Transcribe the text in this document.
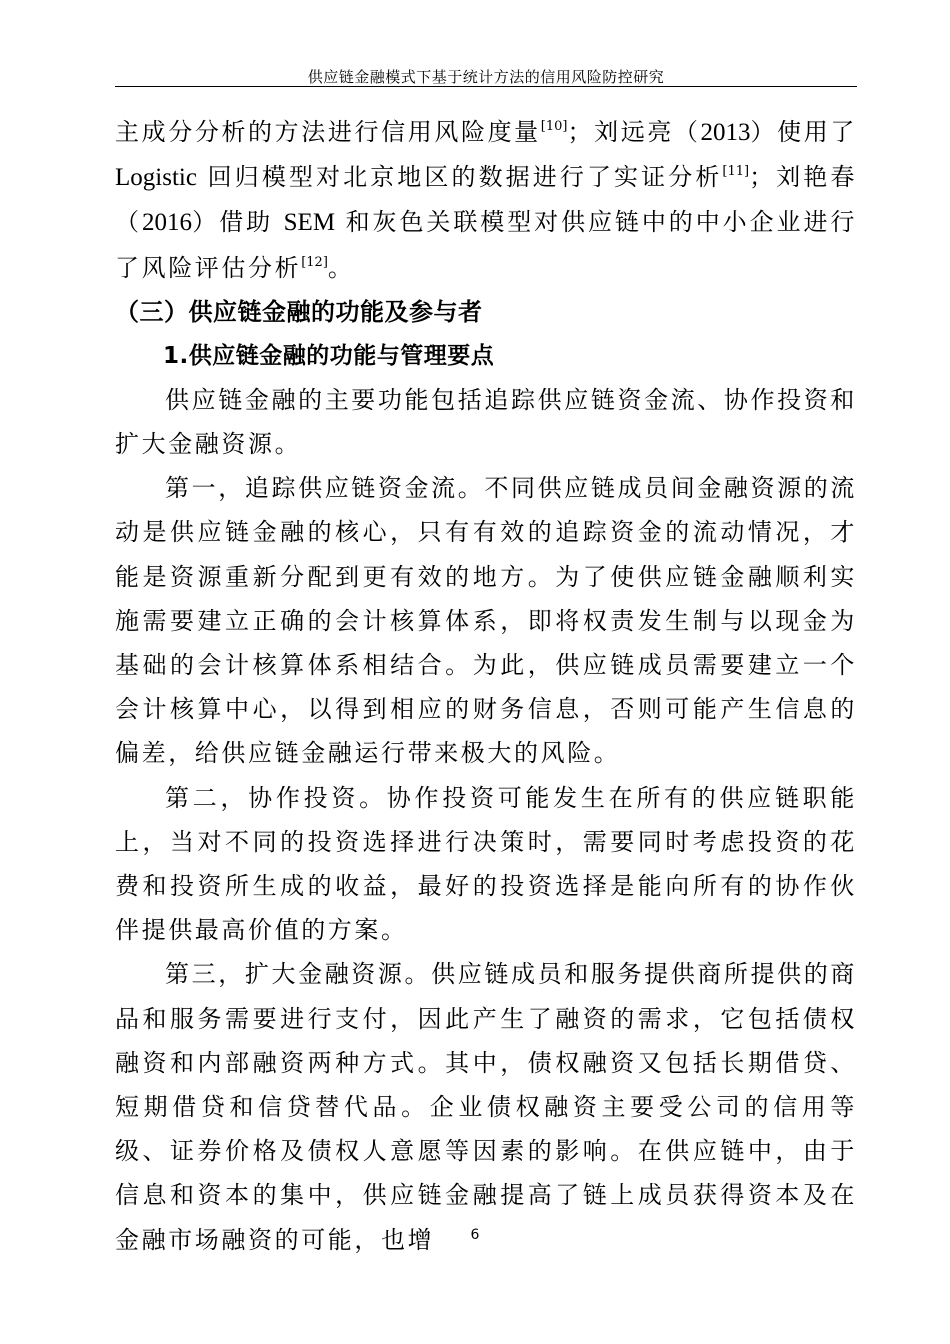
供应链金融模式下基于统计方法的信用风险防控研究

主成分分析的方法进行信用风险度量[10]；刘远亮（2013）使用了Logistic 回归模型对北京地区的数据进行了实证分析[11]；刘艳春（2016）借助 SEM 和灰色关联模型对供应链中的中小企业进行了风险评估分析[12]。

（三）供应链金融的功能及参与者
1.供应链金融的功能与管理要点

供应链金融的主要功能包括追踪供应链资金流、协作投资和扩大金融资源。

第一，追踪供应链资金流。不同供应链成员间金融资源的流动是供应链金融的核心，只有有效的追踪资金的流动情况，才能是资源重新分配到更有效的地方。为了使供应链金融顺利实施需要建立正确的会计核算体系，即将权责发生制与以现金为基础的会计核算体系相结合。为此，供应链成员需要建立一个会计核算中心，以得到相应的财务信息，否则可能产生信息的偏差，给供应链金融运行带来极大的风险。

第二，协作投资。协作投资可能发生在所有的供应链职能上，当对不同的投资选择进行决策时，需要同时考虑投资的花费和投资所生成的收益，最好的投资选择是能向所有的协作伙伴提供最高价值的方案。

第三，扩大金融资源。供应链成员和服务提供商所提供的商品和服务需要进行支付，因此产生了融资的需求，它包括债权融资和内部融资两种方式。其中，债权融资又包括长期借贷、短期借贷和信贷替代品。企业债权融资主要受公司的信用等级、证券价格及债权人意愿等因素的影响。在供应链中，由于信息和资本的集中，供应链金融提高了链上成员获得资本及在金融市场融资的可能，也增	6
